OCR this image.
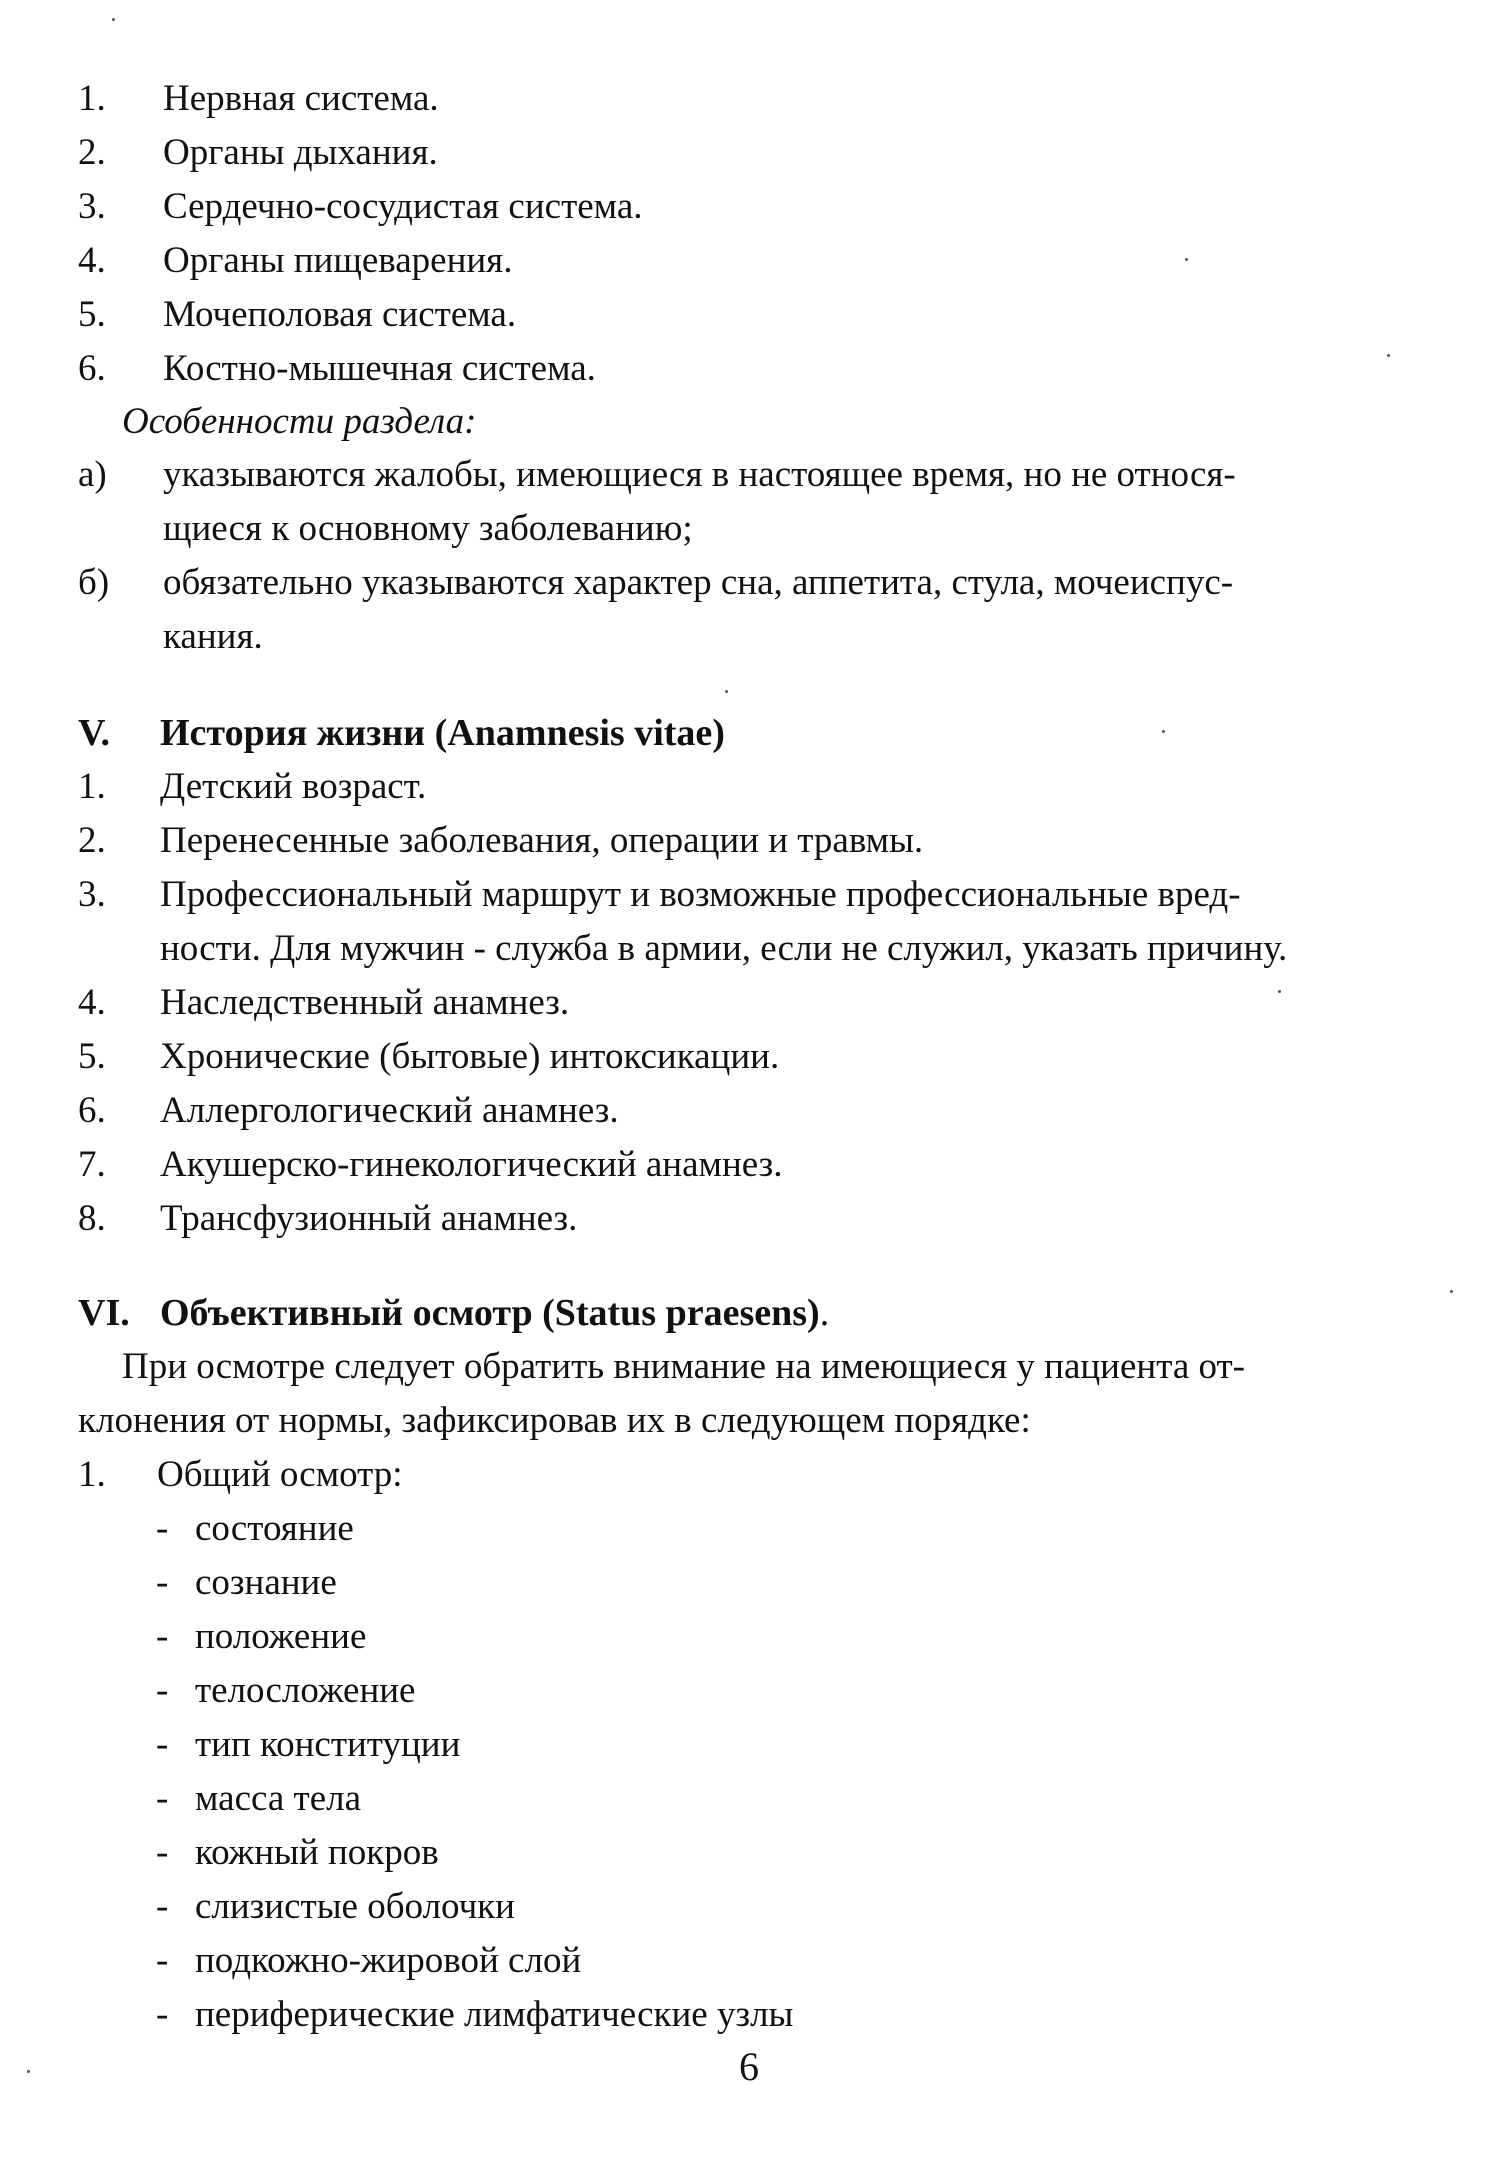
1. Нервная система.
2. Органы дыхания.
3. Сердечно-сосудистая система.
4. Органы пищеварения.
5. Мочеполовая система.
6. Костно-мышечная система.
Особенности раздела:
а) указываются жалобы, имеющиеся в настоящее время, но не относя-
щиеся к основному заболеванию;
б) обязательно указываются характер сна, аппетита, стула, мочеиспус-
кания.
V. История жизни (Anamnesis vitae)
1. Детский возраст.
2. Перенесенные заболевания, операции и травмы.
3. Профессиональный маршрут и возможные профессиональные вред-
ности. Для мужчин - служба в армии, если не служил, указать причину.
4. Наследственный анамнез.
5. Хронические (бытовые) интоксикации.
6. Аллергологический анамнез.
7. Акушерско-гинекологический анамнез.
8. Трансфузионный анамнез.
VI. Объективный осмотр (Status praesens).
При осмотре следует обратить внимание на имеющиеся у пациента от-
клонения от нормы, зафиксировав их в следующем порядке:
1. Общий осмотр:
- состояние
- сознание
- положение
- телосложение
- тип конституции
- масса тела
- кожный покров
- слизистые оболочки
- подкожно-жировой слой
- периферические лимфатические узлы
6
